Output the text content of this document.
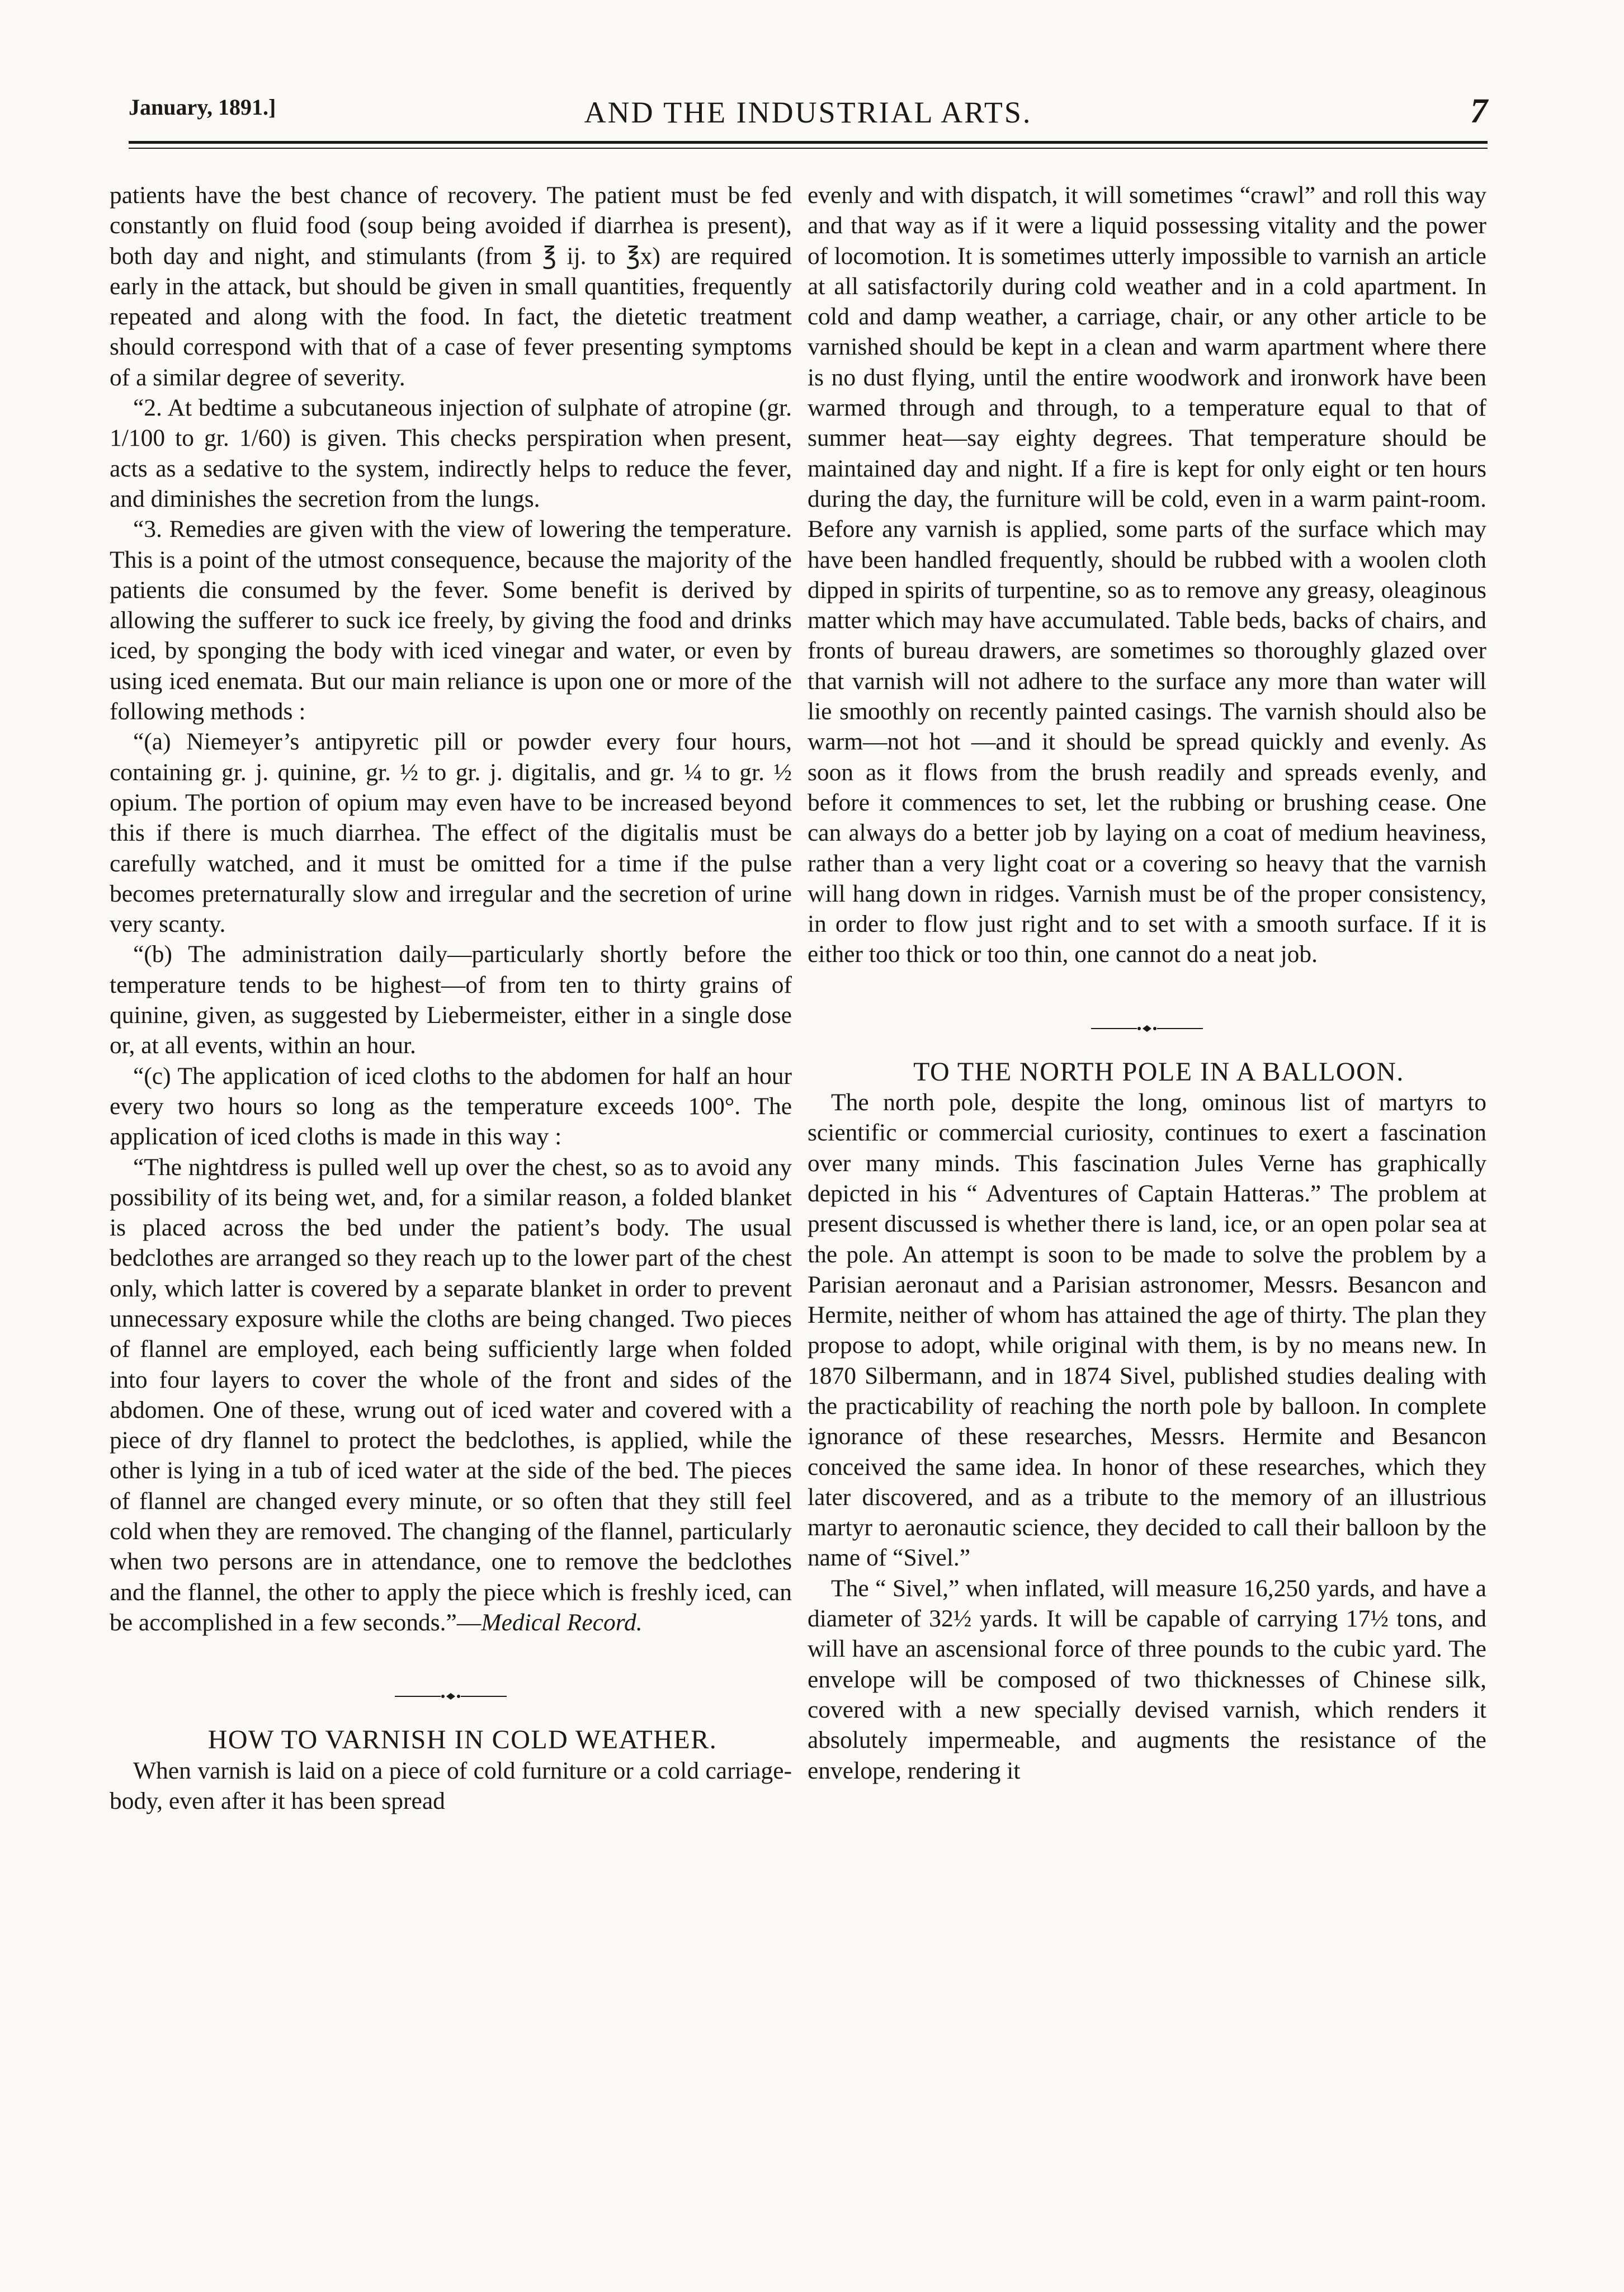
January, 1891.]	AND THE INDUSTRIAL ARTS.	7

patients have the best chance of recovery. The patient must be fed constantly on fluid food (soup being avoided if diarrhea is present), both day and night, and stimulants (from ℥ ij. to ℥x) are required early in the attack, but should be given in small quantities, frequently repeated and along with the food. In fact, the dietetic treatment should correspond with that of a case of fever presenting symptoms of a similar degree of severity.

“2. At bedtime a subcutaneous injection of sulphate of atropine (gr. 1/100 to gr. 1/60) is given. This checks perspiration when present, acts as a sedative to the system, indirectly helps to reduce the fever, and diminishes the secretion from the lungs.

“3. Remedies are given with the view of lowering the temperature. This is a point of the utmost consequence, because the majority of the patients die consumed by the fever. Some benefit is derived by allowing the sufferer to suck ice freely, by giving the food and drinks iced, by sponging the body with iced vinegar and water, or even by using iced enemata. But our main reliance is upon one or more of the following methods :

“(a) Niemeyer’s antipyretic pill or powder every four hours, containing gr. j. quinine, gr. ½ to gr. j. digitalis, and gr. ¼ to gr. ½ opium. The portion of opium may even have to be increased beyond this if there is much diarrhea. The effect of the digitalis must be carefully watched, and it must be omitted for a time if the pulse becomes preternaturally slow and irregular and the secretion of urine very scanty.

“(b) The administration daily—particularly shortly before the temperature tends to be highest—of from ten to thirty grains of quinine, given, as suggested by Liebermeister, either in a single dose or, at all events, within an hour.

“(c) The application of iced cloths to the abdomen for half an hour every two hours so long as the temperature exceeds 100°. The application of iced cloths is made in this way :

“The nightdress is pulled well up over the chest, so as to avoid any possibility of its being wet, and, for a similar reason, a folded blanket is placed across the bed under the patient’s body. The usual bedclothes are arranged so they reach up to the lower part of the chest only, which latter is covered by a separate blanket in order to prevent unnecessary exposure while the cloths are being changed. Two pieces of flannel are employed, each being sufficiently large when folded into four layers to cover the whole of the front and sides of the abdomen. One of these, wrung out of iced water and covered with a piece of dry flannel to protect the bedclothes, is applied, while the other is lying in a tub of iced water at the side of the bed. The pieces of flannel are changed every minute, or so often that they still feel cold when they are removed. The changing of the flannel, particularly when two persons are in attendance, one to remove the bedclothes and the flannel, the other to apply the piece which is freshly iced, can be accomplished in a few seconds.”—Medical Record.

HOW TO VARNISH IN COLD WEATHER.

When varnish is laid on a piece of cold furniture or a cold carriage-body, even after it has been spread

evenly and with dispatch, it will sometimes “crawl” and roll this way and that way as if it were a liquid possessing vitality and the power of locomotion. It is sometimes utterly impossible to varnish an article at all satisfactorily during cold weather and in a cold apartment. In cold and damp weather, a carriage, chair, or any other article to be varnished should be kept in a clean and warm apartment where there is no dust flying, until the entire woodwork and ironwork have been warmed through and through, to a temperature equal to that of summer heat—say eighty degrees. That temperature should be maintained day and night. If a fire is kept for only eight or ten hours during the day, the furniture will be cold, even in a warm paint-room. Before any varnish is applied, some parts of the surface which may have been handled frequently, should be rubbed with a woolen cloth dipped in spirits of turpentine, so as to remove any greasy, oleaginous matter which may have accumulated. Table beds, backs of chairs, and fronts of bureau drawers, are sometimes so thoroughly glazed over that varnish will not adhere to the surface any more than water will lie smoothly on recently painted casings. The varnish should also be warm—not hot —and it should be spread quickly and evenly. As soon as it flows from the brush readily and spreads evenly, and before it commences to set, let the rubbing or brushing cease. One can always do a better job by laying on a coat of medium heaviness, rather than a very light coat or a covering so heavy that the varnish will hang down in ridges. Varnish must be of the proper consistency, in order to flow just right and to set with a smooth surface. If it is either too thick or too thin, one cannot do a neat job.

TO THE NORTH POLE IN A BALLOON.

The north pole, despite the long, ominous list of martyrs to scientific or commercial curiosity, continues to exert a fascination over many minds. This fascination Jules Verne has graphically depicted in his “ Adventures of Captain Hatteras.” The problem at present discussed is whether there is land, ice, or an open polar sea at the pole. An attempt is soon to be made to solve the problem by a Parisian aeronaut and a Parisian astronomer, Messrs. Besancon and Hermite, neither of whom has attained the age of thirty. The plan they propose to adopt, while original with them, is by no means new. In 1870 Silbermann, and in 1874 Sivel, published studies dealing with the practicability of reaching the north pole by balloon. In complete ignorance of these researches, Messrs. Hermite and Besancon conceived the same idea. In honor of these researches, which they later discovered, and as a tribute to the memory of an illustrious martyr to aeronautic science, they decided to call their balloon by the name of “Sivel.”

The “ Sivel,” when inflated, will measure 16,250 yards, and have a diameter of 32½ yards. It will be capable of carrying 17½ tons, and will have an ascensional force of three pounds to the cubic yard. The envelope will be composed of two thicknesses of Chinese silk, covered with a new specially devised varnish, which renders it absolutely impermeable, and augments the resistance of the envelope, rendering it
